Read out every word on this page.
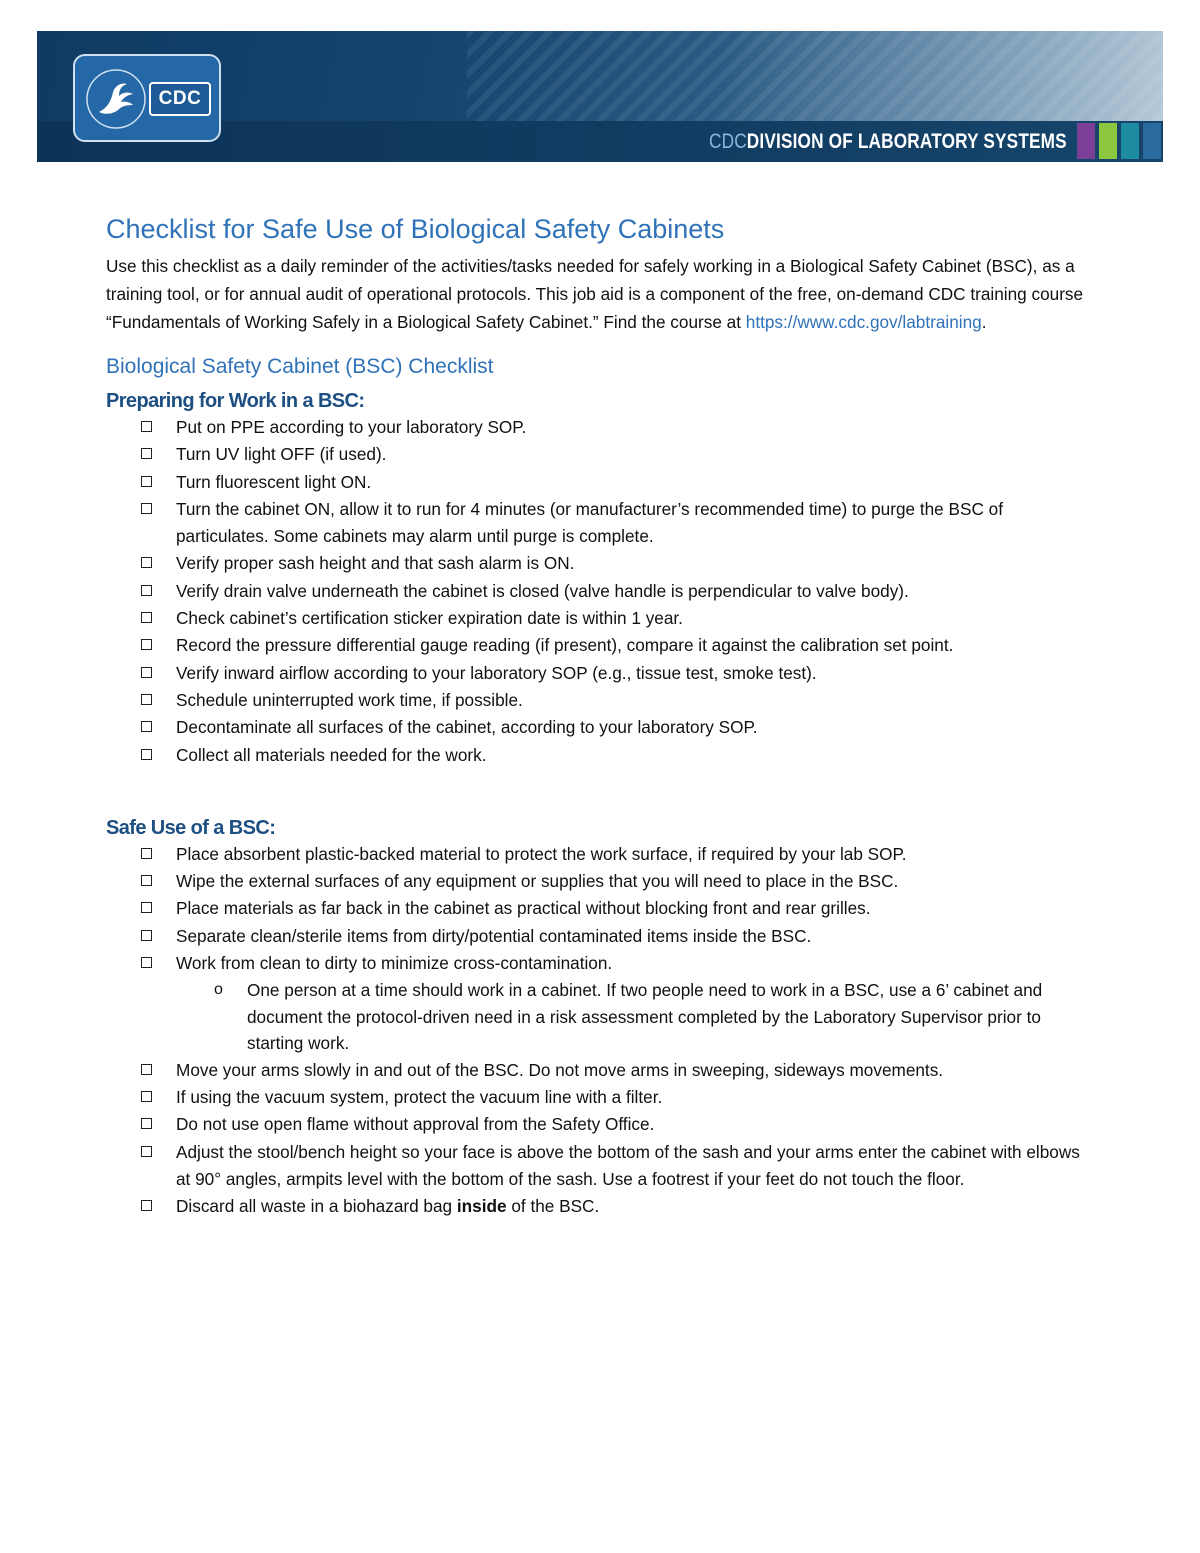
CDC
CDCDIVISION OF LABORATORY SYSTEMS
Checklist for Safe Use of Biological Safety Cabinets
Use this checklist as a daily reminder of the activities/tasks needed for safely working in a Biological Safety Cabinet (BSC), as a training tool, or for annual audit of operational protocols. This job aid is a component of the free, on-demand CDC training course “Fundamentals of Working Safely in a Biological Safety Cabinet.” Find the course at https://www.cdc.gov/labtraining.
Biological Safety Cabinet (BSC) Checklist
Preparing for Work in a BSC:
Put on PPE according to your laboratory SOP.
Turn UV light OFF (if used).
Turn fluorescent light ON.
Turn the cabinet ON, allow it to run for 4 minutes (or manufacturer’s recommended time) to purge the BSC of particulates. Some cabinets may alarm until purge is complete.
Verify proper sash height and that sash alarm is ON.
Verify drain valve underneath the cabinet is closed (valve handle is perpendicular to valve body).
Check cabinet’s certification sticker expiration date is within 1 year.
Record the pressure differential gauge reading (if present), compare it against the calibration set point.
Verify inward airflow according to your laboratory SOP (e.g., tissue test, smoke test).
Schedule uninterrupted work time, if possible.
Decontaminate all surfaces of the cabinet, according to your laboratory SOP.
Collect all materials needed for the work.
Safe Use of a BSC:
Place absorbent plastic-backed material to protect the work surface, if required by your lab SOP.
Wipe the external surfaces of any equipment or supplies that you will need to place in the BSC.
Place materials as far back in the cabinet as practical without blocking front and rear grilles.
Separate clean/sterile items from dirty/potential contaminated items inside the BSC.
Work from clean to dirty to minimize cross-contamination.
o One person at a time should work in a cabinet. If two people need to work in a BSC, use a 6’ cabinet and document the protocol-driven need in a risk assessment completed by the Laboratory Supervisor prior to starting work.
Move your arms slowly in and out of the BSC. Do not move arms in sweeping, sideways movements.
If using the vacuum system, protect the vacuum line with a filter.
Do not use open flame without approval from the Safety Office.
Adjust the stool/bench height so your face is above the bottom of the sash and your arms enter the cabinet with elbows at 90° angles, armpits level with the bottom of the sash. Use a footrest if your feet do not touch the floor.
Discard all waste in a biohazard bag inside of the BSC.
